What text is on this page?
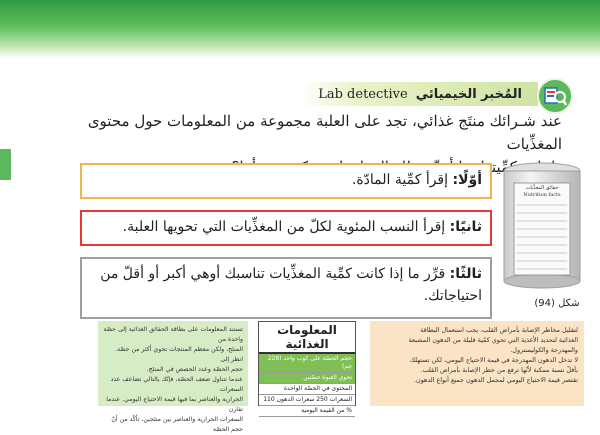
Lab detective المُخبر الخيميائي
عند شـرائك منتَج غذائي، تجد على العلبة مجموعة من المعلومات حول محتوى المغذِّيات
وكمِّيتها.
أوّلًا: إقرأ كمِّية المادّة.
ثانيًا: إقرأ النسب المئوية لكلّ من المغذِّيات التي تحويها العلبة.
ثالثًا: قرِّر ما إذا كانت كمِّية المغذِّيات تناسبك أوهي أكبر أو أقلّ من احتياجاتك.
حقائق المغذِّيات
Nutrition facts
شكل (94)
تستند المعلومات على بطاقة الحقائق الغذائية إلى حصّة واحدة من
المنتَج، ولكن معظم المنتجات تحوي أكثر من حصّة. انظر إلى
حجم الحصّة وعدد الحصص في المنتَج.
عندما تتناول ضعف الحصّة، فإنّك بالتالي تضاعف عدد السعرات
الحرارية والعناصر بما فيها قيمة الاحتياج اليومي. عندما تقارن
السعرات الحرارية والعناصر بين منتَجين، تأكّد من أنّ حجم الحصّة
المعلومات الغذائية
حجم الحصّة على كوب واحد (228 جم)
تحوي العبوة حصّتين
المحتوى في الحصّة الواحدة
السعرات 250 سعرات الدهون 110
% من القيمة اليومية
لتقليل مخاطر الإصابة بأمراض القلب، يجب استعمال البطاقة
الغذائية لتحديد الأغذية التي تحوي كمّية قليلة من الدهون المشبعة
والمهدرجة والكوليسترول.
لا تدخل الدهون المهدرجة في قيمة الاحتياج اليومي، لكن تستهلك
بأقلّ نسبة ممكنة لأنّها ترفع من خطر الإصابة بأمراض القلب.
تقتصر قيمة الاحتياج اليومي لمجمل الدهون جميع أنواع الدهون.
